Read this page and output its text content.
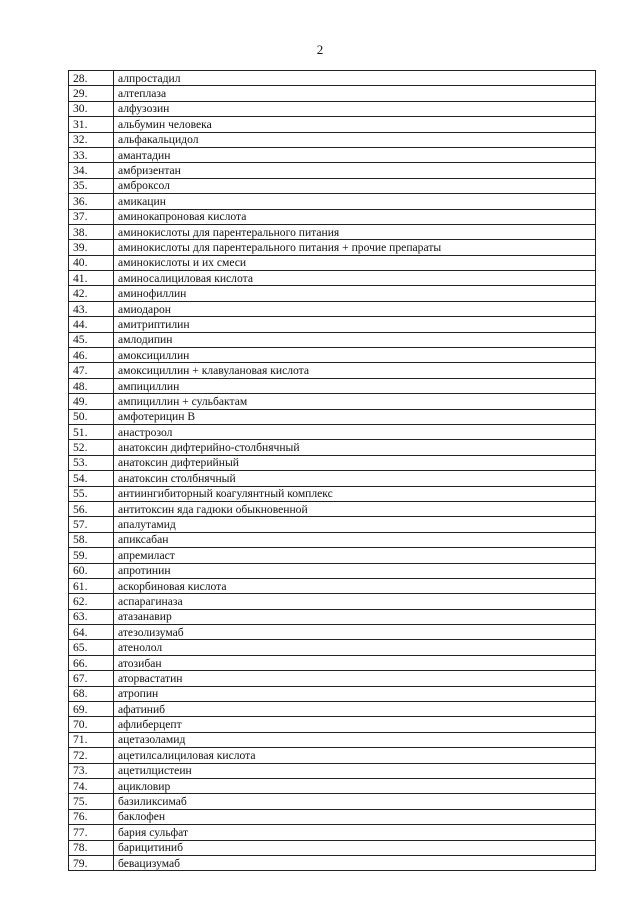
2
28.	алпростадил
29.	алтеплаза
30.	алфузозин
31.	альбумин человека
32.	альфакальцидол
33.	амантадин
34.	амбризентан
35.	амброксол
36.	амикацин
37.	аминокапроновая кислота
38.	аминокислоты для парентерального питания
39.	аминокислоты для парентерального питания + прочие препараты
40.	аминокислоты и их смеси
41.	аминосалициловая кислота
42.	аминофиллин
43.	амиодарон
44.	амитриптилин
45.	амлодипин
46.	амоксициллин
47.	амоксициллин + клавулановая кислота
48.	ампициллин
49.	ампициллин + сульбактам
50.	амфотерицин В
51.	анастрозол
52.	анатоксин дифтерийно-столбнячный
53.	анатоксин дифтерийный
54.	анатоксин столбнячный
55.	антиингибиторный коагулянтный комплекс
56.	антитоксин яда гадюки обыкновенной
57.	апалутамид
58.	апиксабан
59.	апремиласт
60.	апротинин
61.	аскорбиновая кислота
62.	аспарагиназа
63.	атазанавир
64.	атезолизумаб
65.	атенолол
66.	атозибан
67.	аторвастатин
68.	атропин
69.	афатиниб
70.	афлиберцепт
71.	ацетазоламид
72.	ацетилсалициловая кислота
73.	ацетилцистеин
74.	ацикловир
75.	базиликсимаб
76.	баклофен
77.	бария сульфат
78.	барицитиниб
79.	бевацизумаб
